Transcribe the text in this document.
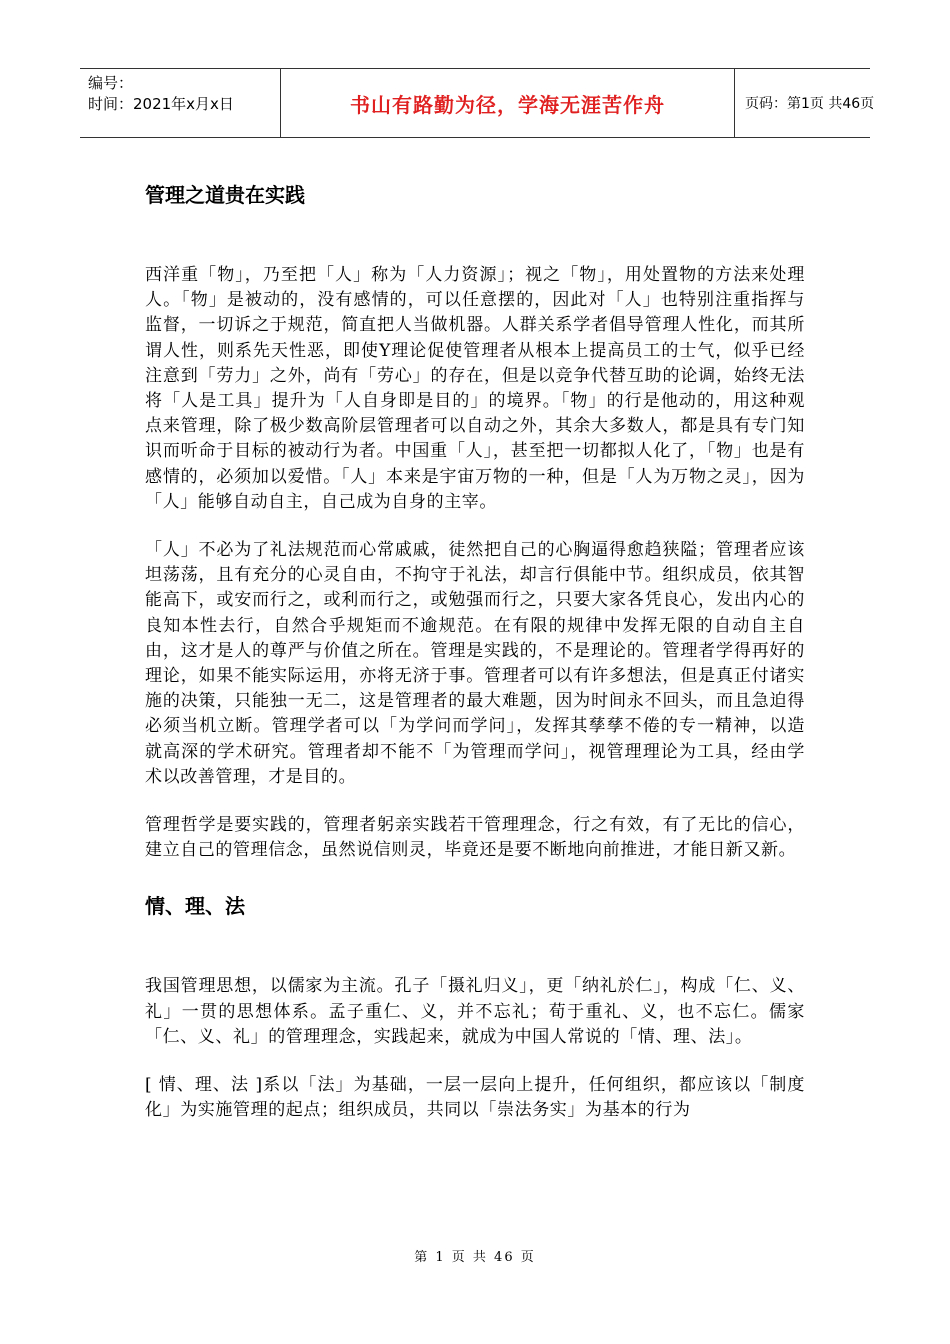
编号：
时间：2021年x月x日	书山有路勤为径，学海无涯苦作舟	页码：第1页 共46页
管理之道贵在实践

西洋重「物」，乃至把「人」称为「人力资源」；视之「物」，用处置物的方法来处理人。「物」是被动的，没有感情的，可以任意摆的，因此对「人」也特别注重指挥与监督，一切诉之于规范，简直把人当做机器。人群关系学者倡导管理人性化，而其所谓人性，则系先天性恶，即使Y理论促使管理者从根本上提高员工的士气，似乎已经注意到「劳力」之外，尚有「劳心」的存在，但是以竞争代替互助的论调，始终无法将「人是工具」提升为「人自身即是目的」的境界。「物」的行是他动的，用这种观点来管理，除了极少数高阶层管理者可以自动之外，其余大多数人，都是具有专门知识而听命于目标的被动行为者。中国重「人」，甚至把一切都拟人化了，「物」也是有感情的，必须加以爱惜。「人」本来是宇宙万物的一种，但是「人为万物之灵」，因为「人」能够自动自主，自己成为自身的主宰。

「人」不必为了礼法规范而心常戚戚，徒然把自己的心胸逼得愈趋狭隘；管理者应该坦荡荡，且有充分的心灵自由，不拘守于礼法，却言行俱能中节。组织成员，依其智能高下，或安而行之，或利而行之，或勉强而行之，只要大家各凭良心，发出内心的良知本性去行，自然合乎规矩而不逾规范。在有限的规律中发挥无限的自动自主自由，这才是人的尊严与价值之所在。管理是实践的，不是理论的。管理者学得再好的理论，如果不能实际运用，亦将无济于事。管理者可以有许多想法，但是真正付诸实施的决策，只能独一无二，这是管理者的最大难题，因为时间永不回头，而且急迫得必须当机立断。管理学者可以「为学问而学问」，发挥其孳孳不倦的专一精神，以造就高深的学术研究。管理者却不能不「为管理而学问」，视管理理论为工具，经由学术以改善管理，才是目的。

管理哲学是要实践的，管理者躬亲实践若干管理理念，行之有效，有了无比的信心，建立自己的管理信念，虽然说信则灵，毕竟还是要不断地向前推进，才能日新又新。

情、理、法

我国管理思想，以儒家为主流。孔子「摄礼归义」，更「纳礼於仁」，构成「仁、义、礼」一贯的思想体系。孟子重仁、义，并不忘礼；荀于重礼、义，也不忘仁。儒家「仁、义、礼」的管理理念，实践起来，就成为中国人常说的「情、理、法」。

[ 情、理、法 ]系以「法」为基础，一层一层向上提升，任何组织，都应该以「制度化」为实施管理的起点；组织成员，共同以「崇法务实」为基本的行为

第 1 页 共 46 页
